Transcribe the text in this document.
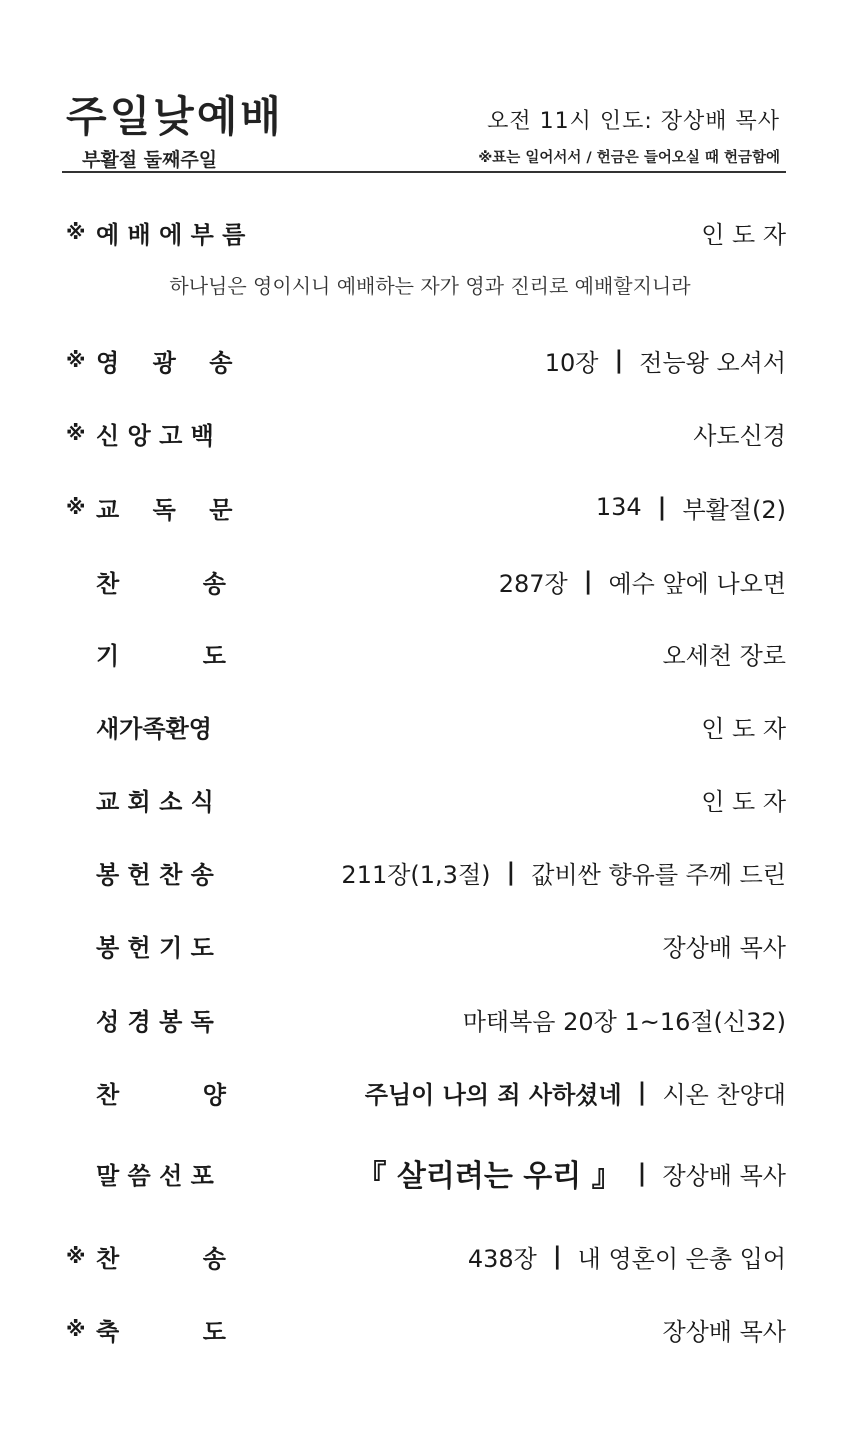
주일낮예배	오전 11시 인도: 장상배 목사
부활절 둘째주일	※표는 일어서서 / 헌금은 들어오실 때 헌금함에
※ 예 배 에 부 름	인 도 자
하나님은 영이시니 예배하는 자가 영과 진리로 예배할지니라
※ 영    광    송	10장 | 전능왕 오셔서
※ 신 앙 고 백	사도신경
※ 교    독    문	134 | 부활절(2)
찬          송	287장 | 예수 앞에 나오면
기          도	오세천 장로
새가족환영	인 도 자
교 회 소 식	인 도 자
봉 헌 찬 송	211장(1,3절) | 값비싼 향유를 주께 드린
봉 헌 기 도	장상배 목사
성 경 봉 독	마태복음 20장 1~16절(신32)
찬          양	주님이 나의 죄 사하셨네 | 시온 찬양대
말 씀 선 포	『 살리려는 우리 』 | 장상배 목사
※ 찬          송	438장 | 내 영혼이 은총 입어
※ 축          도	장상배 목사
